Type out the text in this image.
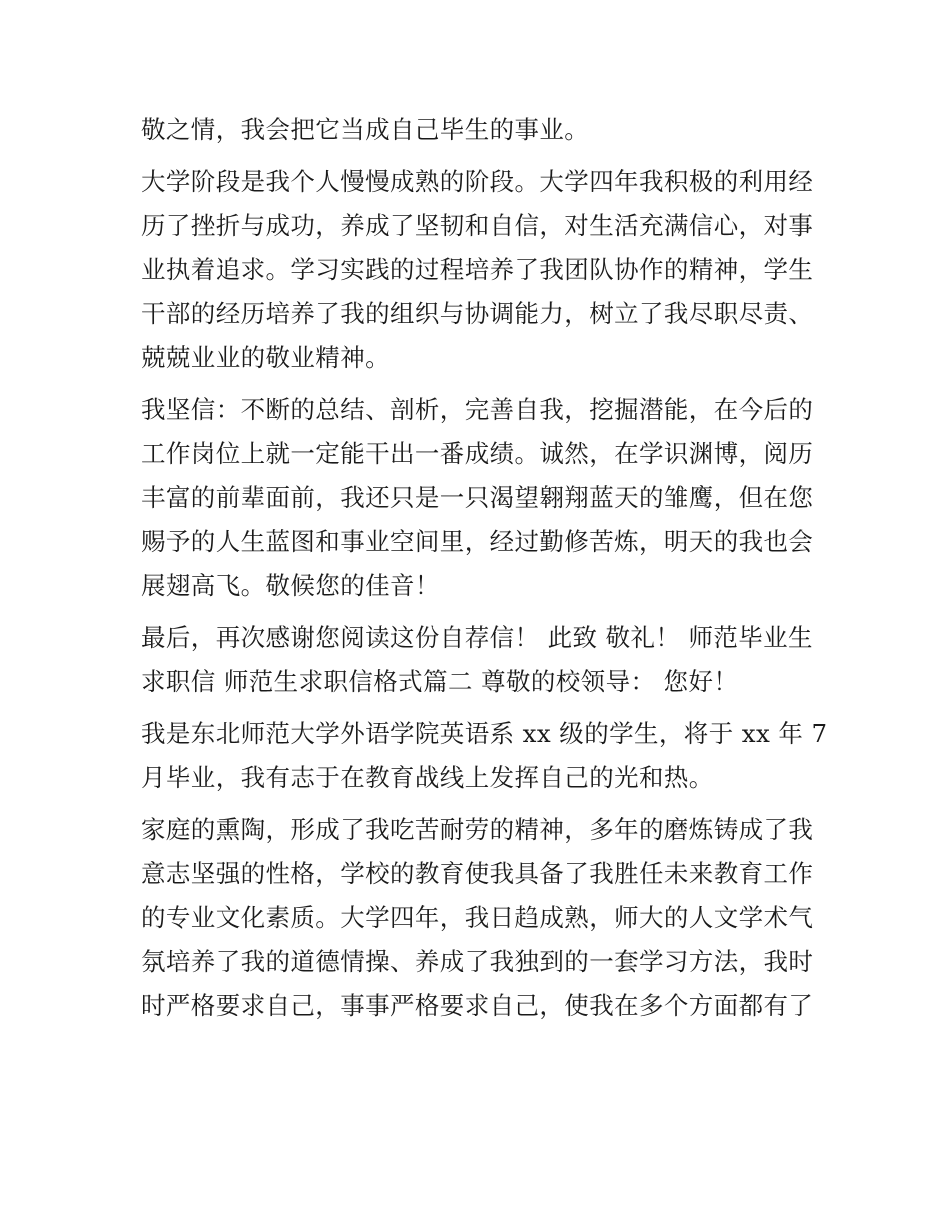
敬之情，我会把它当成自己毕生的事业。
大学阶段是我个人慢慢成熟的阶段。大学四年我积极的利用经
历了挫折与成功，养成了坚韧和自信，对生活充满信心，对事
业执着追求。学习实践的过程培养了我团队协作的精神，学生
干部的经历培养了我的组织与协调能力，树立了我尽职尽责、
兢兢业业的敬业精神。
我坚信：不断的总结、剖析，完善自我，挖掘潜能，在今后的
工作岗位上就一定能干出一番成绩。诚然，在学识渊博，阅历
丰富的前辈面前，我还只是一只渴望翱翔蓝天的雏鹰，但在您
赐予的人生蓝图和事业空间里，经过勤修苦炼，明天的我也会
展翅高飞。敬候您的佳音！
最后，再次感谢您阅读这份自荐信！ 此致 敬礼！ 师范毕业生
求职信 师范生求职信格式篇二 尊敬的校领导： 您好！
我是东北师范大学外语学院英语系 xx 级的学生，将于 xx 年 7
月毕业，我有志于在教育战线上发挥自己的光和热。
家庭的熏陶，形成了我吃苦耐劳的精神，多年的磨炼铸成了我
意志坚强的性格，学校的教育使我具备了我胜任未来教育工作
的专业文化素质。大学四年，我日趋成熟，师大的人文学术气
氛培养了我的道德情操、养成了我独到的一套学习方法，我时
时严格要求自己，事事严格要求自己，使我在多个方面都有了
